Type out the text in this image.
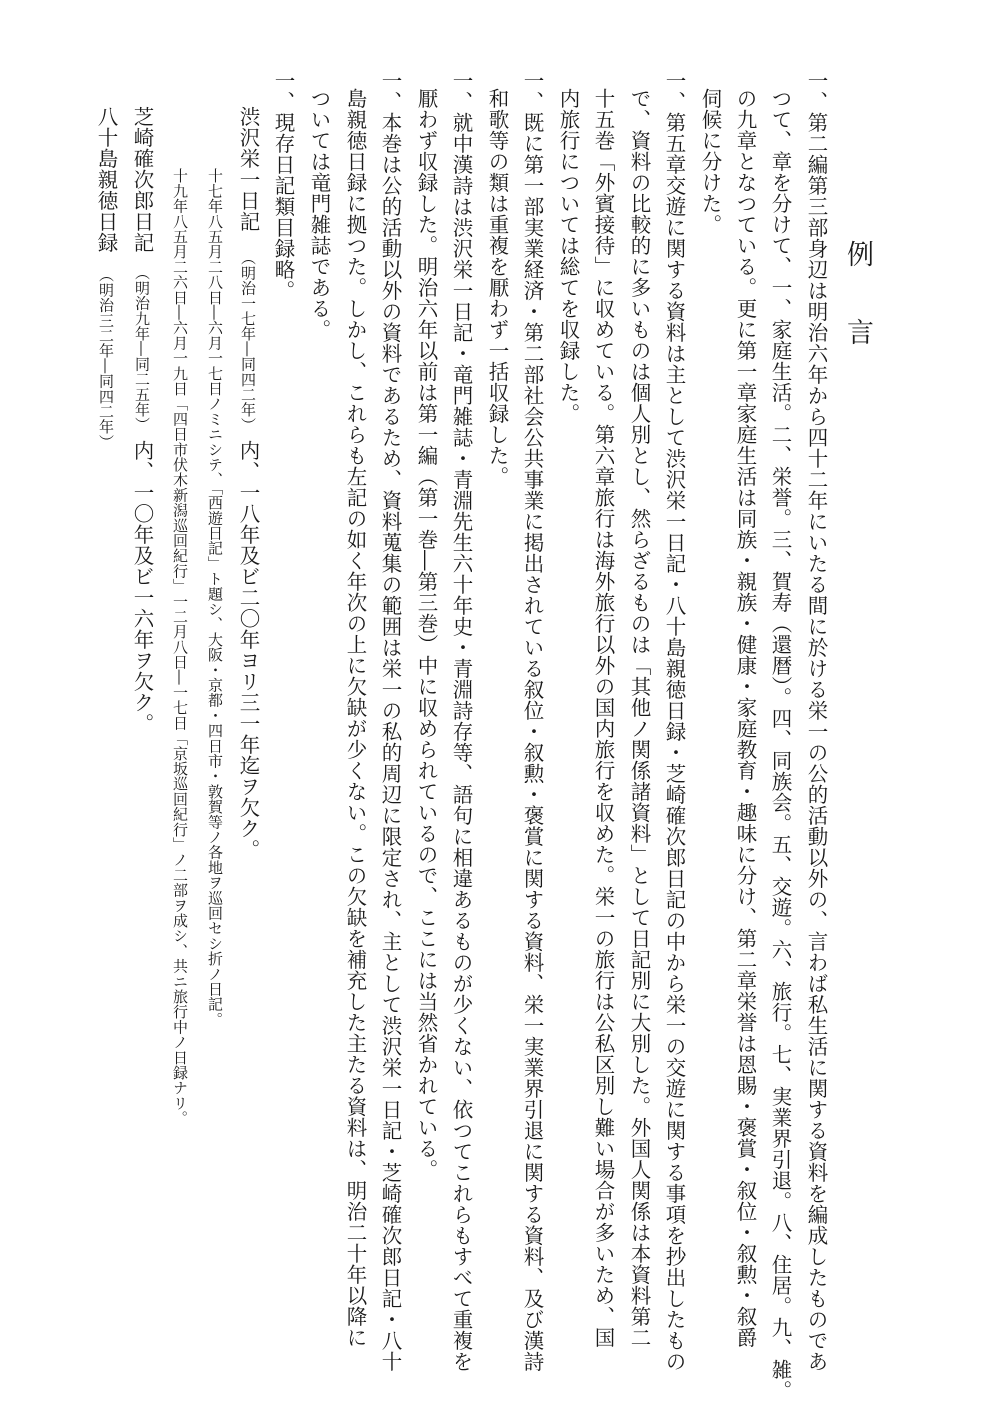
例
言
一、第二編第三部身辺は明治六年から四十二年にいたる間に於ける栄一の公的活動以外の、言わば私生活に関する資料を編成したものであ
つて、章を分けて、一、家庭生活。二、栄誉。三、賀寿（還暦）。四、同族会。五、交遊。六、旅行。七、実業界引退。八、住居。九、雑。
の九章となつている。更に第一章家庭生活は同族・親族・健康・家庭教育・趣味に分け、第二章栄誉は恩賜・褒賞・叙位・叙勲・叙爵
伺候に分けた。
一、第五章交遊に関する資料は主として渋沢栄一日記・八十島親徳日録・芝崎確次郎日記の中から栄一の交遊に関する事項を抄出したもの
で、資料の比較的に多いものは個人別とし、然らざるものは「其他ノ関係諸資料」として日記別に大別した。外国人関係は本資料第二
十五巻「外賓接待」に収めている。第六章旅行は海外旅行以外の国内旅行を収めた。栄一の旅行は公私区別し難い場合が多いため、国
内旅行については総てを収録した。
一、既に第一部実業経済・第二部社会公共事業に掲出されている叙位・叙勲・褒賞に関する資料、栄一実業界引退に関する資料、及び漢詩
和歌等の類は重複を厭わず一括収録した。
一、就中漢詩は渋沢栄一日記・竜門雑誌・青淵先生六十年史・青淵詩存等、語句に相違あるものが少くない、依つてこれらもすべて重複を
厭わず収録した。明治六年以前は第一編（第一巻―第三巻）中に収められているので、ここには当然省かれている。
一、本巻は公的活動以外の資料であるため、資料蒐集の範囲は栄一の私的周辺に限定され、主として渋沢栄一日記・芝崎確次郎日記・八十
島親徳日録に拠つた。しかし、これらも左記の如く年次の上に欠缺が少くない。この欠缺を補充した主たる資料は、明治二十年以降に
ついては竜門雑誌である。
一、現存日記類目録略。
渋沢栄一日記（明治一七年―同四二年）内、一八年及ビ二〇年ヨリ三一年迄ヲ欠ク。
十七年八五月二八日―六月一七日ノミニシテ、「西遊日記」ト題シ、大阪・京都・四日市・敦賀等ノ各地ヲ巡回セシ折ノ日記。
十九年八五月二六日―六月一九日「四日市伏木新潟巡回紀行」一二月八日―一七日「京坂巡回紀行」ノ二部ヲ成シ、共ニ旅行中ノ日録ナリ。
芝崎確次郎日記（明治九年―同二五年）内、一〇年及ビ一六年ヲ欠ク。
八十島親徳日録（明治三二年―同四二年）
